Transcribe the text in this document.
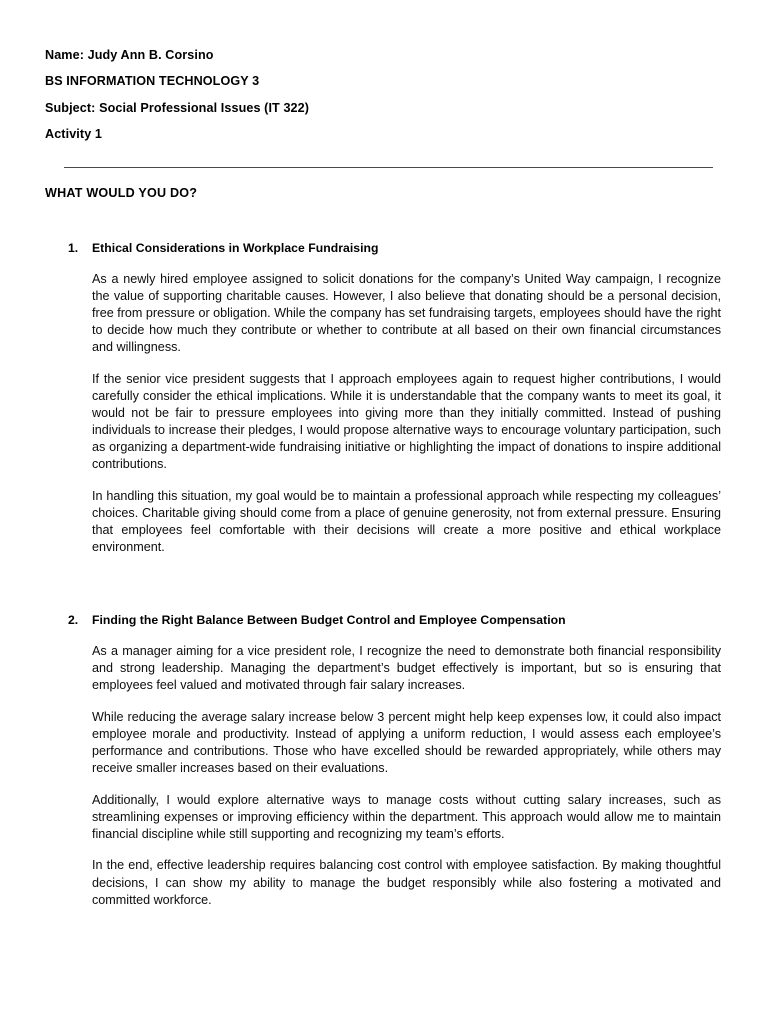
Name: Judy Ann B. Corsino
BS INFORMATION TECHNOLOGY 3
Subject: Social Professional Issues (IT 322)
Activity 1
WHAT WOULD YOU DO?
1. Ethical Considerations in Workplace Fundraising

As a newly hired employee assigned to solicit donations for the company’s United Way campaign, I recognize the value of supporting charitable causes. However, I also believe that donating should be a personal decision, free from pressure or obligation. While the company has set fundraising targets, employees should have the right to decide how much they contribute or whether to contribute at all based on their own financial circumstances and willingness.

If the senior vice president suggests that I approach employees again to request higher contributions, I would carefully consider the ethical implications. While it is understandable that the company wants to meet its goal, it would not be fair to pressure employees into giving more than they initially committed. Instead of pushing individuals to increase their pledges, I would propose alternative ways to encourage voluntary participation, such as organizing a department-wide fundraising initiative or highlighting the impact of donations to inspire additional contributions.

In handling this situation, my goal would be to maintain a professional approach while respecting my colleagues’ choices. Charitable giving should come from a place of genuine generosity, not from external pressure. Ensuring that employees feel comfortable with their decisions will create a more positive and ethical workplace environment.

2. Finding the Right Balance Between Budget Control and Employee Compensation

As a manager aiming for a vice president role, I recognize the need to demonstrate both financial responsibility and strong leadership. Managing the department’s budget effectively is important, but so is ensuring that employees feel valued and motivated through fair salary increases.

While reducing the average salary increase below 3 percent might help keep expenses low, it could also impact employee morale and productivity. Instead of applying a uniform reduction, I would assess each employee’s performance and contributions. Those who have excelled should be rewarded appropriately, while others may receive smaller increases based on their evaluations.

Additionally, I would explore alternative ways to manage costs without cutting salary increases, such as streamlining expenses or improving efficiency within the department. This approach would allow me to maintain financial discipline while still supporting and recognizing my team’s efforts.

In the end, effective leadership requires balancing cost control with employee satisfaction. By making thoughtful decisions, I can show my ability to manage the budget responsibly while also fostering a motivated and committed workforce.
